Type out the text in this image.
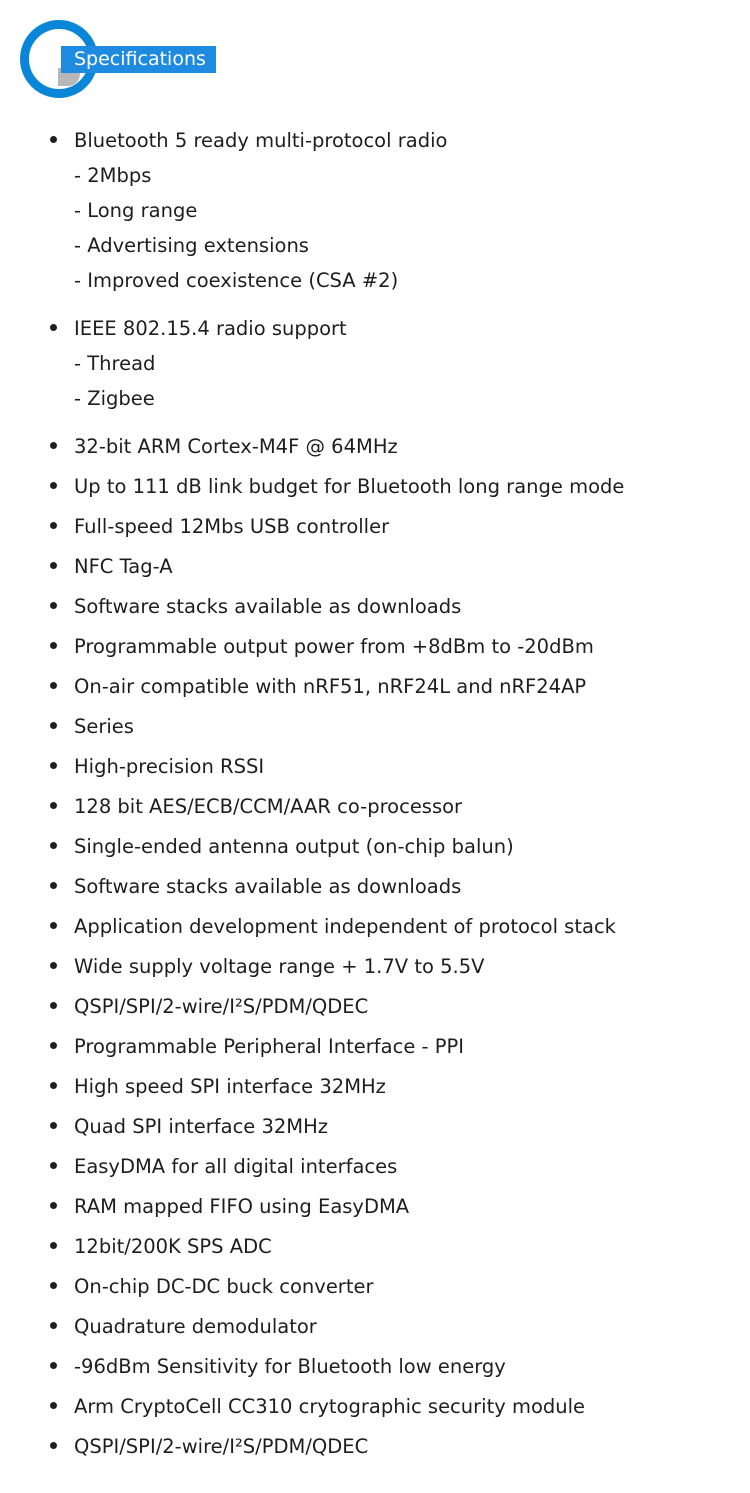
Specifications
Bluetooth 5 ready multi-protocol radio
- 2Mbps
- Long range
- Advertising extensions
- Improved coexistence (CSA #2)
IEEE 802.15.4 radio support
- Thread
- Zigbee
32-bit ARM Cortex-M4F @ 64MHz
Up to 111 dB link budget for Bluetooth long range mode
Full-speed 12Mbs USB controller
NFC Tag-A
Software stacks available as downloads
Programmable output power from +8dBm to -20dBm
On-air compatible with nRF51, nRF24L and nRF24AP
Series
High-precision RSSI
128 bit AES/ECB/CCM/AAR co-processor
Single-ended antenna output (on-chip balun)
Software stacks available as downloads
Application development independent of protocol stack
Wide supply voltage range + 1.7V to 5.5V
QSPI/SPI/2-wire/I²S/PDM/QDEC
Programmable Peripheral Interface - PPI
High speed SPI interface 32MHz
Quad SPI interface 32MHz
EasyDMA for all digital interfaces
RAM mapped FIFO using EasyDMA
12bit/200K SPS ADC
On-chip DC-DC buck converter
Quadrature demodulator
-96dBm Sensitivity for Bluetooth low energy
Arm CryptoCell CC310 crytographic security module
QSPI/SPI/2-wire/I²S/PDM/QDEC
